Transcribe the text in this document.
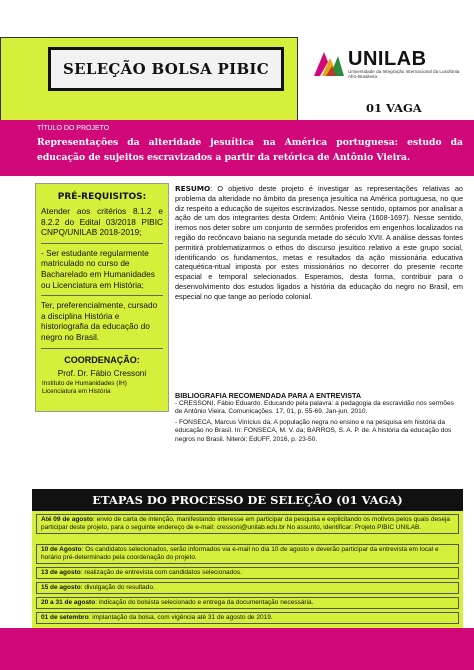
SELEÇÃO BOLSA PIBIC	UNILAB
Universidade da Integração Internacional da Lusofonia Afro-Brasileira
01 VAGA
TÍTULO DO PROJETO
Representações da alteridade jesuítica na América portuguesa: estudo da educação de sujeitos escravizados a partir da retórica de Antônio Vieira.
PRÉ-REQUISITOS:

Atender aos critérios 8.1.2 e 8.2.2 do Edital 03/2018 PIBIC CNPQ/UNILAB 2018-2019;

- Ser estudante regularmente matriculado no curso de Bacharelado em Humanidades ou Licenciatura em História;

Ter, preferencialmente, cursado a disciplina História e historiografia da educação do negro no Brasil.

COORDENAÇÃO:
Prof. Dr. Fábio Cressoni
Instituto de Humanidades (IH)
Licenciatura em História
RESUMO: O objetivo deste projeto é investigar as representações relativas ao problema da alteridade no âmbito da presença jesuítica na América portuguesa, no que diz respeito a educação de sujeitos escravizados. Nesse sentido, optamos por analisar a ação de um dos integrantes desta Ordem: Antônio Vieira (1608-1697). Nesse sentido, iremos nos deter sobre um conjunto de sermões proferidos em engenhos localizados na região do recôncavo baiano na segunda metade do século XVII. A análise dessas fontes permitirá problematizarmos o ethos do discurso jesuítico relativo a este grupo social, identificando os fundamentos, metas e resultados da ação missionária educativa catequética-ritual imposta por estes missionários no decorrer do presente recorte espacial e temporal selecionados. Esperamos, desta forma, contribuir para o desenvolvimento dos estudos ligados a história da educação do negro no Brasil, em especial no que tange ao período colonial.
BIBLIOGRAFIA RECOMENDADA PARA A ENTREVISTA

- CRESSONI, Fábio Eduardo. Educando pela palavra: a pedagogia da escravidão nos sermões de Antônio Vieira. Comunicações. 17, 01, p. 55-69. Jan-jun. 2010.

- FONSECA, Marcus Vinícius da. A população negra no ensino e na pesquisa em história da educação no Brasil. In: FONSECA, M. V. da; BARROS, S. A. P. de. A história da educação dos negros no Brasil. Niterói: EdUFF, 2016, p. 23-50.

ETAPAS DO PROCESSO DE SELEÇÃO (01 VAGA)
Até 09 de agosto: envio de carta de intenção, manifestando interesse em participar da pesquisa e explicitando os motivos pelos quais deseja participar deste projeto, para o seguinte endereço de e-mail: cressoni@unilab.edu.br No assunto, identificar: Projeto PIBIC UNILAB.
10 de Agosto: Os candidatos selecionados, serão informados via e-mail no dia 10 de agosto e deverão participar da entrevista em local e horário pré-determinado pela coordenação do projeto.
13 de agosto: realização de entrevista com candidatos selecionados.
15 de agosto: divulgação do resultado.
20 a 31 de agosto: indicação do bolsista selecionado e entrega da documentação necessária.
01 de setembro: implantação da bolsa, com vigência até 31 de agosto de 2019.
